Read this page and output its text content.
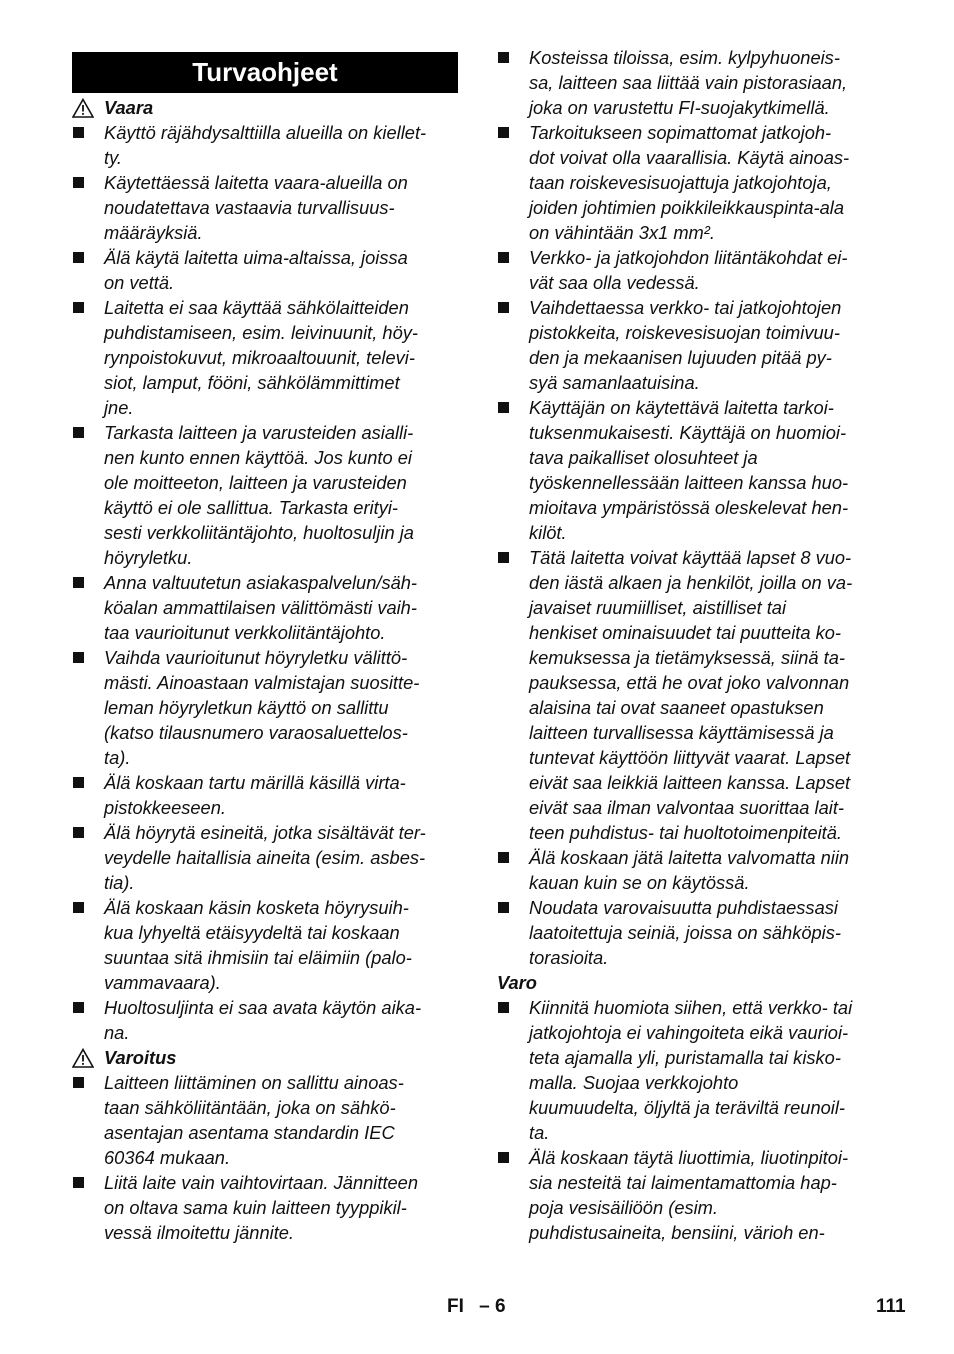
Turvaohjeet
Vaara
Käyttö räjähdysalttiilla alueilla on kiellet-
ty.
Käytettäessä laitetta vaara-alueilla on
noudatettava vastaavia turvallisuus-
määräyksiä.
Älä käytä laitetta uima-altaissa, joissa
on vettä.
Laitetta ei saa käyttää sähkölaitteiden
puhdistamiseen, esim. leivinuunit, höy-
rynpoistokuvut, mikroaaltouunit, televi-
siot, lamput, fööni, sähkölämmittimet
jne.
Tarkasta laitteen ja varusteiden asialli-
nen kunto ennen käyttöä. Jos kunto ei
ole moitteeton, laitteen ja varusteiden
käyttö ei ole sallittua. Tarkasta erityi-
sesti verkkoliitäntäjohto, huoltosuljin ja
höyryletku.
Anna valtuutetun asiakaspalvelun/säh-
köalan ammattilaisen välittömästi vaih-
taa vaurioitunut verkkoliitäntäjohto.
Vaihda vaurioitunut höyryletku välittö-
mästi. Ainoastaan valmistajan suositte-
leman höyryletkun käyttö on sallittu
(katso tilausnumero varaosaluettelos-
ta).
Älä koskaan tartu märillä käsillä virta-
pistokkeeseen.
Älä höyrytä esineitä, jotka sisältävät ter-
veydelle haitallisia aineita (esim. asbes-
tia).
Älä koskaan käsin kosketa höyrysuih-
kua lyhyeltä etäisyydeltä tai koskaan
suuntaa sitä ihmisiin tai eläimiin (palo-
vammavaara).
Huoltosuljinta ei saa avata käytön aika-
na.
Varoitus
Laitteen liittäminen on sallittu ainoas-
taan sähköliitäntään, joka on sähkö-
asentajan asentama standardin IEC
60364 mukaan.
Liitä laite vain vaihtovirtaan. Jännitteen
on oltava sama kuin laitteen tyyppikil-
vessä ilmoitettu jännite.
Kosteissa tiloissa, esim. kylpyhuoneis-
sa, laitteen saa liittää vain pistorasiaan,
joka on varustettu FI-suojakytkimellä.
Tarkoitukseen sopimattomat jatkojoh-
dot voivat olla vaarallisia. Käytä ainoas-
taan roiskevesisuojattuja jatkojohtoja,
joiden johtimien poikkileikkauspinta-ala
on vähintään 3x1 mm².
Verkko- ja jatkojohdon liitäntäkohdat ei-
vät saa olla vedessä.
Vaihdettaessa verkko- tai jatkojohtojen
pistokkeita, roiskevesisuojan toimivuu-
den ja mekaanisen lujuuden pitää py-
syä samanlaatuisina.
Käyttäjän on käytettävä laitetta tarkoi-
tuksenmukaisesti. Käyttäjä on huomioi-
tava paikalliset olosuhteet ja
työskennellessään laitteen kanssa huo-
mioitava ympäristössä oleskelevat hen-
kilöt.
Tätä laitetta voivat käyttää lapset 8 vuo-
den iästä alkaen ja henkilöt, joilla on va-
javaiset ruumiilliset, aistilliset tai
henkiset ominaisuudet tai puutteita ko-
kemuksessa ja tietämyksessä, siinä ta-
pauksessa, että he ovat joko valvonnan
alaisina tai ovat saaneet opastuksen
laitteen turvallisessa käyttämisessä ja
tuntevat käyttöön liittyvät vaarat. Lapset
eivät saa leikkiä laitteen kanssa. Lapset
eivät saa ilman valvontaa suorittaa lait-
teen puhdistus- tai huoltotoimenpiteitä.
Älä koskaan jätä laitetta valvomatta niin
kauan kuin se on käytössä.
Noudata varovaisuutta puhdistaessasi
laatoitettuja seiniä, joissa on sähköpis-
torasioita.
Varo
Kiinnitä huomiota siihen, että verkko- tai
jatkojohtoja ei vahingoiteta eikä vaurioi-
teta ajamalla yli, puristamalla tai kisko-
malla. Suojaa verkkojohto
kuumuudelta, öljyltä ja teräviltä reunoil-
ta.
Älä koskaan täytä liuottimia, liuotinpitoi-
sia nesteitä tai laimentamattomia hap-
poja vesisäiliöön (esim.
puhdistusaineita, bensiini, värioh en-
FI – 6	111
